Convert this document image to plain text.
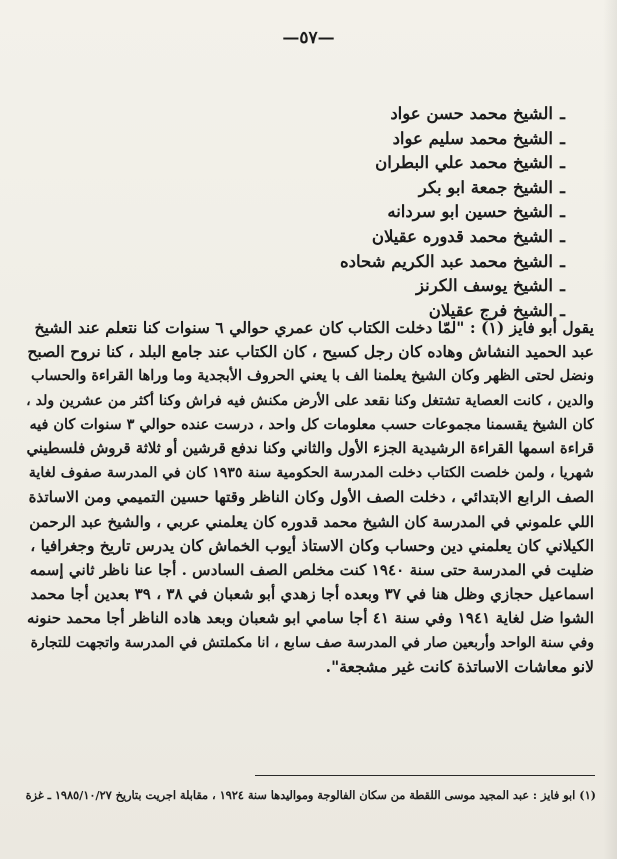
—٥٧—
ـالشيخ محمد حسن عواد
ـالشيخ محمد سليم عواد
ـالشيخ محمد علي البطران
ـالشيخ جمعة ابو بكر
ـالشيخ حسين ابو سردانه
ـالشيخ محمد قدوره عقيلان
ـالشيخ محمد عبد الكريم شحاده
ـالشيخ يوسف الكرنز
ـالشيخ فرج عقيلان
يقول أبو فايز (١) : "لمّا دخلت الكتاب كان عمري حوالي ٦ سنوات كنا نتعلم عند الشيخ
عبد الحميد النشاش وهاده كان رجل كسيح ، كان الكتاب عند جامع البلد ، كنا نروح الصبح
ونضل لحتى الظهر وكان الشيخ يعلمنا الف با يعني الحروف الأبجدية وما وراها القراءة والحساب
والدين ، كانت العصاية تشتغل وكنا نقعد على الأرض مكنش فيه فراش وكنا أكثر من عشرين ولد ،
كان الشيخ يقسمنا مجموعات حسب معلومات كل واحد ، درست عنده حوالي ٣ سنوات كان فيه
قراءة اسمها القراءة الرشيدية الجزء الأول والثاني وكنا ندفع قرشين أو ثلاثة قروش فلسطيني
شهريا ، ولمن خلصت الكتاب دخلت المدرسة الحكومية سنة ١٩٣٥ كان في المدرسة صفوف لغاية
الصف الرابع الابتدائي ، دخلت الصف الأول وكان الناظر وقتها حسين التميمي ومن الاساتذة
اللي علموني في المدرسة كان الشيخ محمد قدوره كان يعلمني عربي ، والشيخ عبد الرحمن
الكيلاني كان يعلمني دين وحساب وكان الاستاذ أيوب الخماش كان يدرس تاريخ وجغرافيا ،
ضليت في المدرسة حتى سنة ١٩٤٠ كنت مخلص الصف السادس . أجا عنا ناظر ثاني إسمه
اسماعيل حجازي وظل هنا في ٣٧ وبعده أجا زهدي أبو شعبان في ٣٨ ، ٣٩ بعدين أجا محمد
الشوا ضل لغاية ١٩٤١ وفي سنة ٤١ أجا سامي ابو شعبان وبعد هاده الناظر أجا محمد حنونه
وفي سنة الواحد وأربعين صار في المدرسة صف سابع ، انا مكملتش في المدرسة واتجهت للتجارة
لانو معاشات الاساتذة كانت غير مشجعة".
(١) ابو فايز : عبد المجيد موسى اللقطة من سكان الفالوجة ومواليدها سنة ١٩٢٤ ، مقابلة اجريت بتاريخ ١٩٨٥/١٠/٢٧ ـ غزة
